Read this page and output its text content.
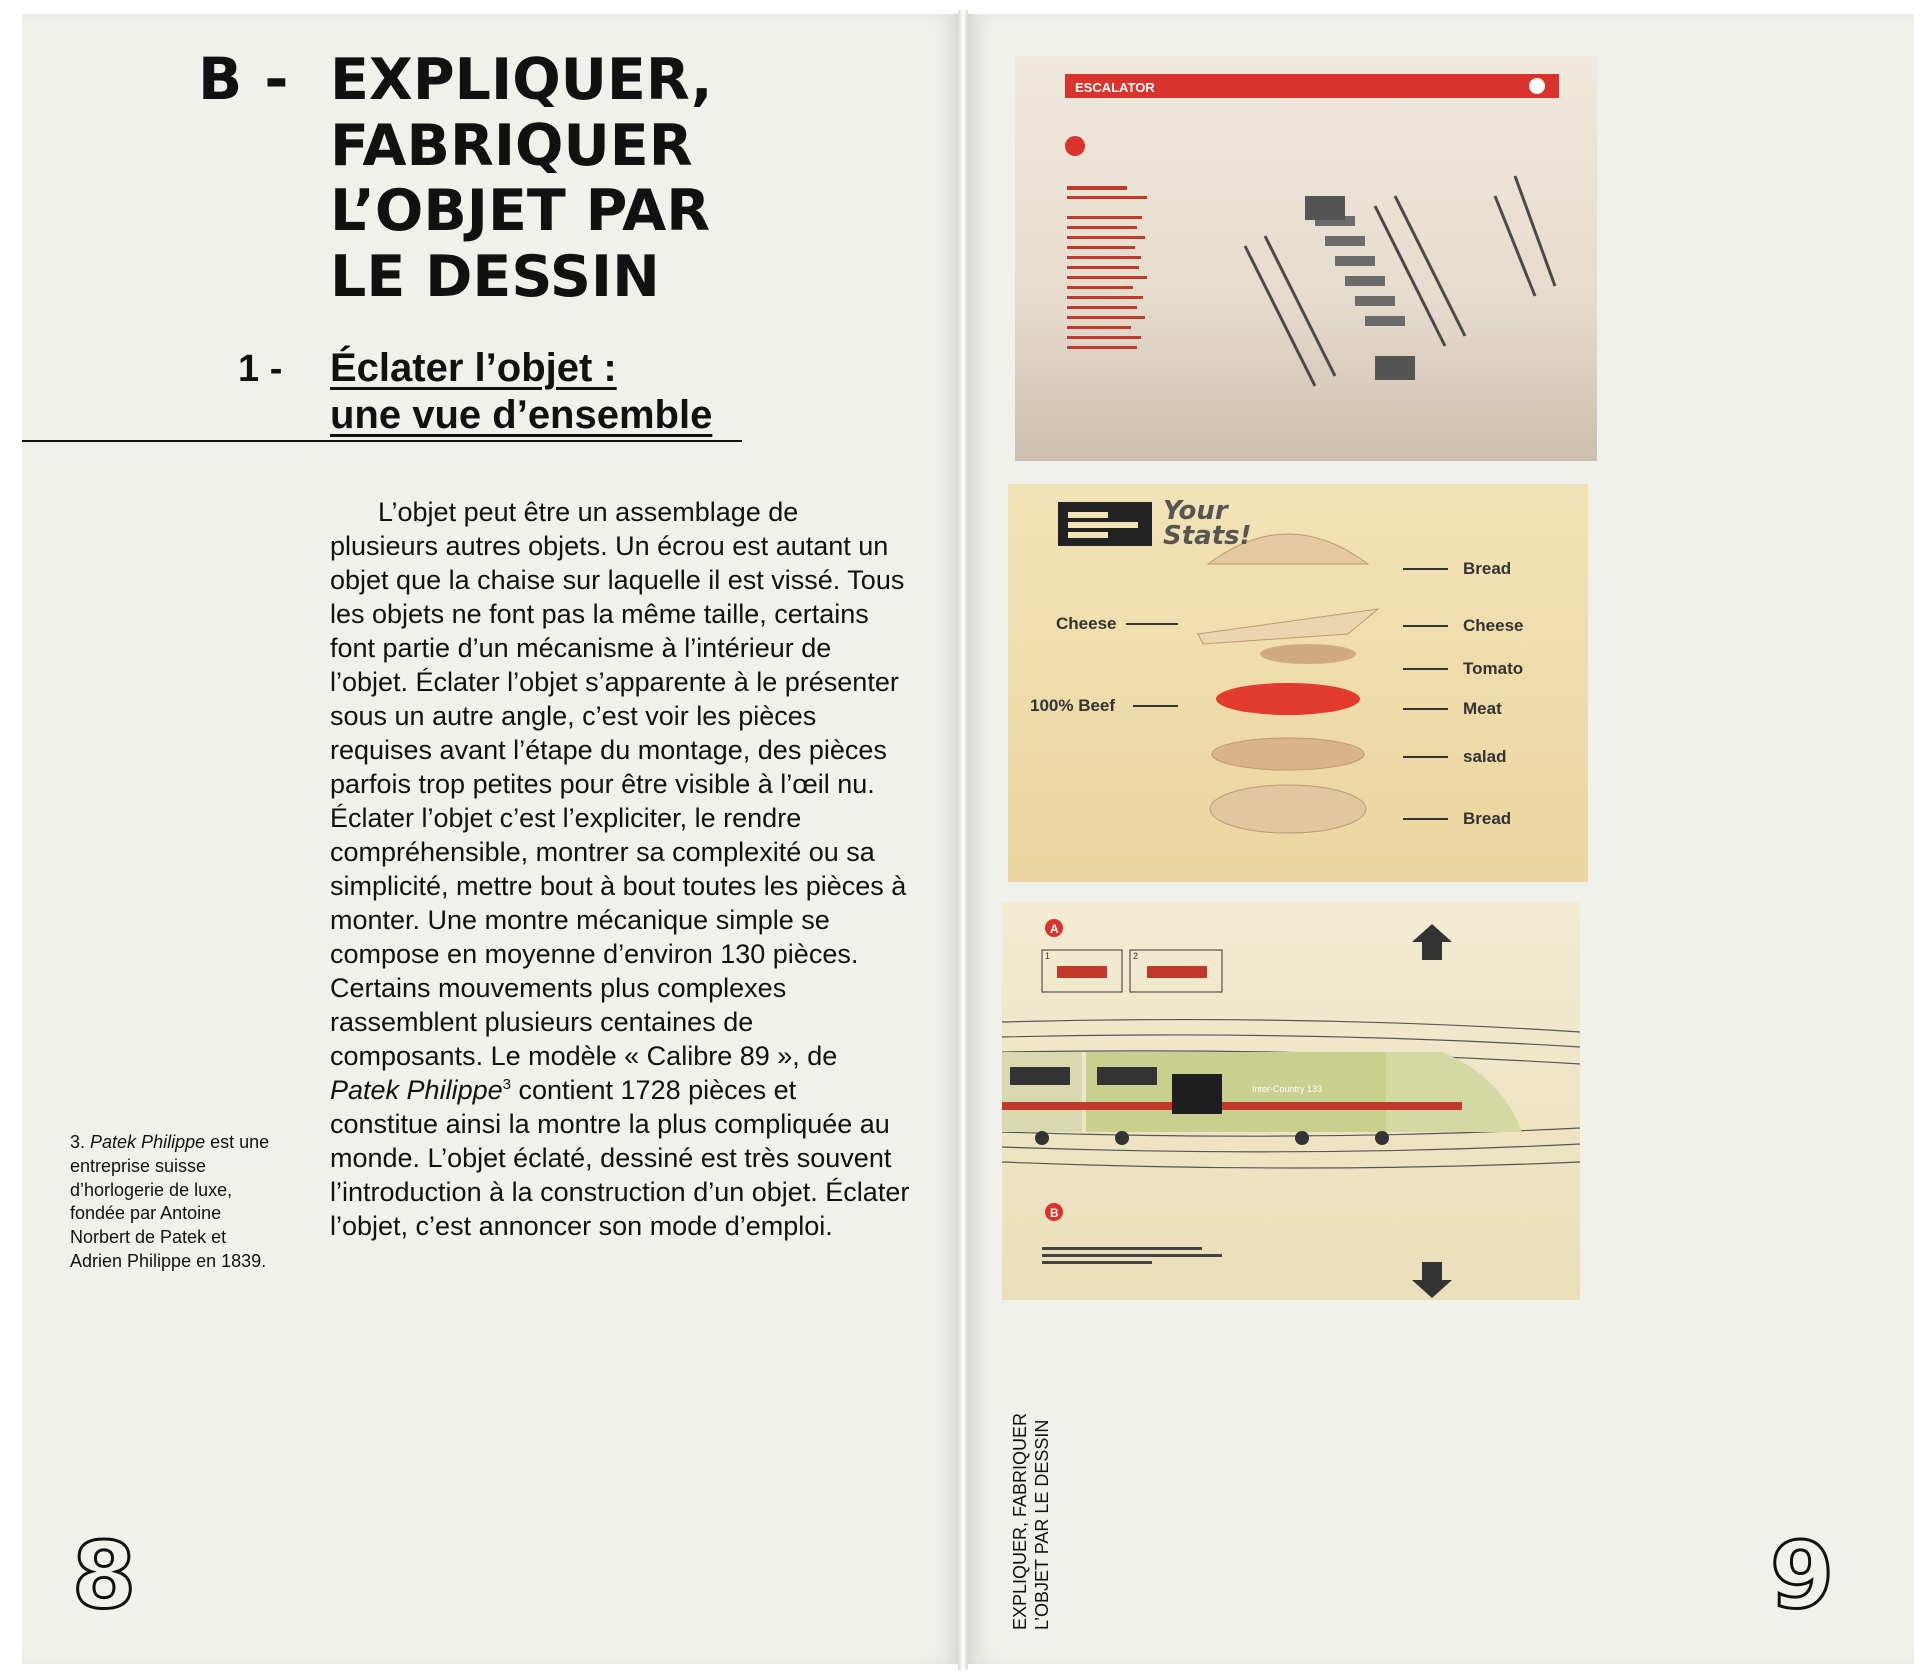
B - EXPLIQUER,
FABRIQUER
L’OBJET PAR
LE DESSIN
1 - Éclater l’objet :
une vue d’ensemble

L’objet peut être un assemblage de plusieurs autres objets. Un écrou est autant un objet que la chaise sur laquelle il est vissé. Tous les objets ne font pas la même taille, certains font partie d’un mécanisme à l’intérieur de l’objet. Éclater l’objet s’apparente à le présenter sous un autre angle, c’est voir les pièces requises avant l’étape du montage, des pièces parfois trop petites pour être visible à l’œil nu. Éclater l’objet c’est l’expliciter, le rendre compréhensible, montrer sa complexité ou sa simplicité, mettre bout à bout toutes les pièces à monter. Une montre mécanique simple se compose en moyenne d’environ 130 pièces. Certains mouvements plus complexes rassemblent plusieurs centaines de composants. Le modèle « Calibre 89 », de Patek Philippe$^3$ contient 1728 pièces et constitue ainsi la montre la plus compliquée au monde. L’objet éclaté, dessiné est très souvent l’introduction à la construction d’un objet. Éclater l’objet, c’est annoncer son mode d’emploi.

3. Patek Philippe est une entreprise suisse d’horlogerie de luxe, fondée par Antoine Norbert de Patek et Adrien Philippe en 1839.

8
ESCALATOR
Your
Stats!
Cheese
100% Beef
Bread
Cheese
Tomato
Meat
salad
Bread
A
1	2
Inter-Country 133
B
EXPLIQUER, FABRIQUER L’OBJET PAR LE DESSIN	9
